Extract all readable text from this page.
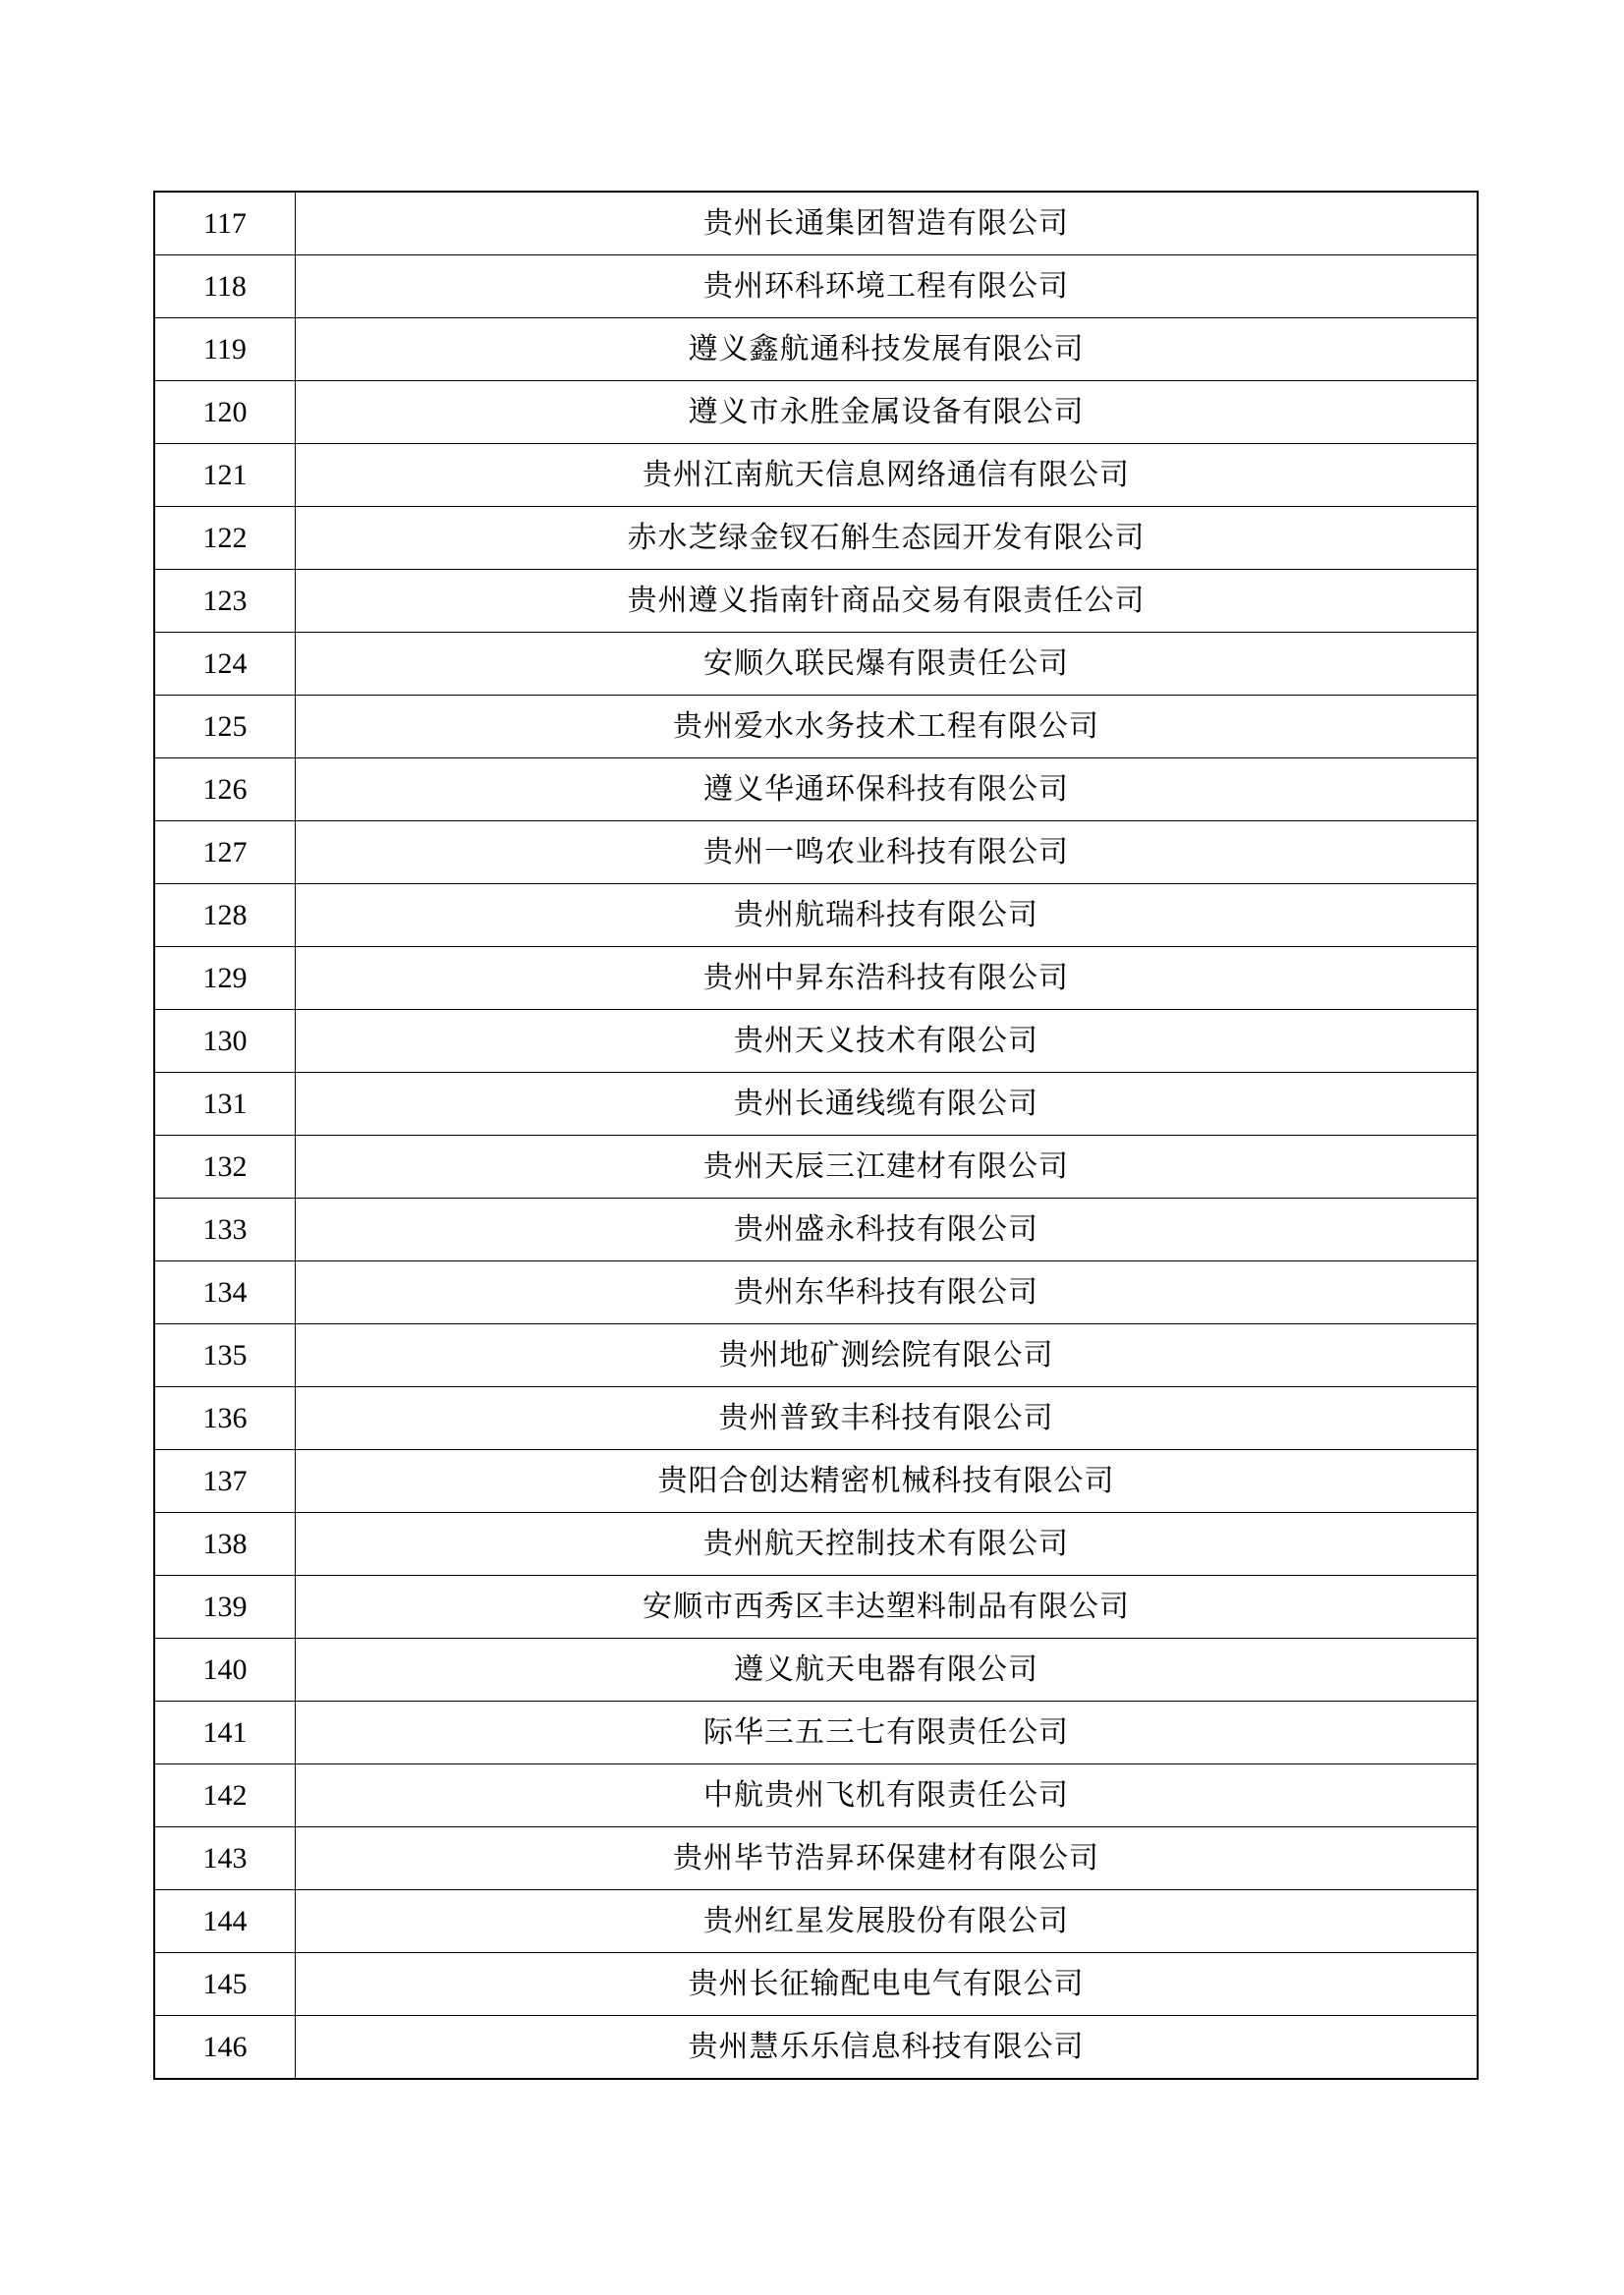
117	贵州长通集团智造有限公司
118	贵州环科环境工程有限公司
119	遵义鑫航通科技发展有限公司
120	遵义市永胜金属设备有限公司
121	贵州江南航天信息网络通信有限公司
122	赤水芝绿金钗石斛生态园开发有限公司
123	贵州遵义指南针商品交易有限责任公司
124	安顺久联民爆有限责任公司
125	贵州爱水水务技术工程有限公司
126	遵义华通环保科技有限公司
127	贵州一鸣农业科技有限公司
128	贵州航瑞科技有限公司
129	贵州中昇东浩科技有限公司
130	贵州天义技术有限公司
131	贵州长通线缆有限公司
132	贵州天辰三江建材有限公司
133	贵州盛永科技有限公司
134	贵州东华科技有限公司
135	贵州地矿测绘院有限公司
136	贵州普致丰科技有限公司
137	贵阳合创达精密机械科技有限公司
138	贵州航天控制技术有限公司
139	安顺市西秀区丰达塑料制品有限公司
140	遵义航天电器有限公司
141	际华三五三七有限责任公司
142	中航贵州飞机有限责任公司
143	贵州毕节浩昇环保建材有限公司
144	贵州红星发展股份有限公司
145	贵州长征输配电电气有限公司
146	贵州慧乐乐信息科技有限公司
